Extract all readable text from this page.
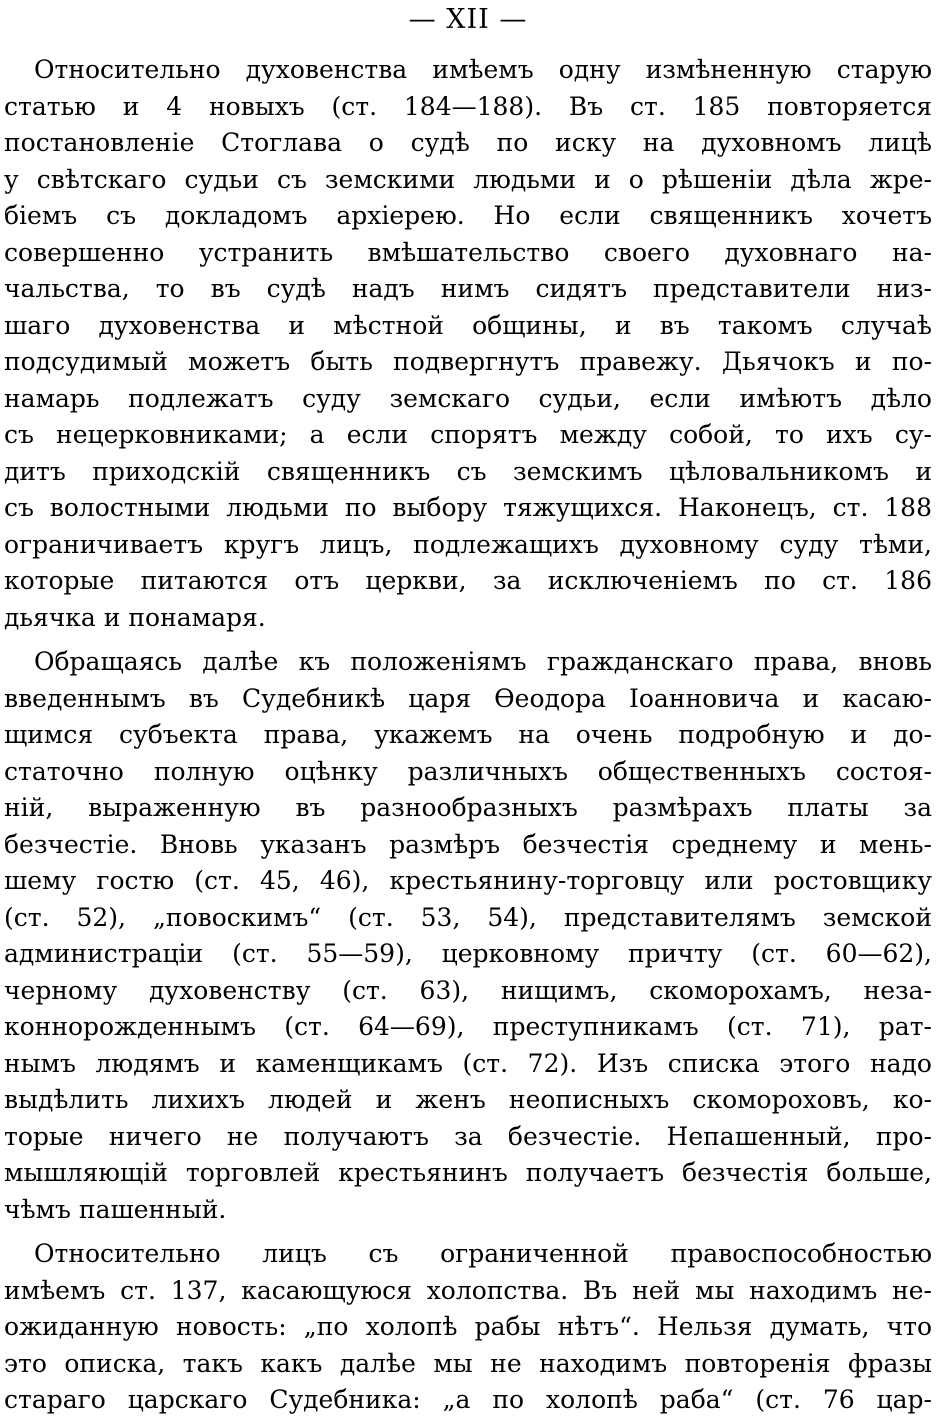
— XII —
Относительно духовенства имѣемъ одну измѣненную старую
статью и 4 новыхъ (ст. 184—188). Въ ст. 185 повторяется
постановленіе Стоглава о судѣ по иску на духовномъ лицѣ
у свѣтскаго судьи съ земскими людьми и о рѣшеніи дѣла жре-
біемъ съ докладомъ архіерею. Но если священникъ хочетъ
совершенно устранить вмѣшательство своего духовнаго на-
чальства, то въ судѣ надъ нимъ сидятъ представители низ-
шаго духовенства и мѣстной общины, и въ такомъ случаѣ
подсудимый можетъ быть подвергнутъ правежу. Дьячокъ и по-
намарь подлежатъ суду земскаго судьи, если имѣютъ дѣло
съ нецерковниками; а если спорятъ между собой, то ихъ су-
дитъ приходскій священникъ съ земскимъ цѣловальникомъ и
съ волостными людьми по выбору тяжущихся. Наконецъ, ст. 188
ограничиваетъ кругъ лицъ, подлежащихъ духовному суду тѣми,
которые питаются отъ церкви, за исключеніемъ по ст. 186
дьячка и понамаря.
Обращаясь далѣе къ положеніямъ гражданскаго права, вновь
введеннымъ въ Судебникѣ царя Ѳеодора Іоанновича и касаю-
щимся субъекта права, укажемъ на очень подробную и до-
статочно полную оцѣнку различныхъ общественныхъ состоя-
ній, выраженную въ разнообразныхъ размѣрахъ платы за
безчестіе. Вновь указанъ размѣръ безчестія среднему и мень-
шему гостю (ст. 45, 46), крестьянину-торговцу или ростовщику
(ст. 52), „повоскимъ“ (ст. 53, 54), представителямъ земской
администраціи (ст. 55—59), церковному причту (ст. 60—62),
черному духовенству (ст. 63), нищимъ, скоморохамъ, неза-
коннорожденнымъ (ст. 64—69), преступникамъ (ст. 71), рат-
нымъ людямъ и каменщикамъ (ст. 72). Изъ списка этого надо
выдѣлить лихихъ людей и женъ неописныхъ скомороховъ, ко-
торые ничего не получаютъ за безчестіе. Непашенный, про-
мышляющій торговлей крестьянинъ получаетъ безчестія больше,
чѣмъ пашенный.
Относительно лицъ съ ограниченной правоспособностью
имѣемъ ст. 137, касающуюся холопства. Въ ней мы находимъ не-
ожиданную новость: „по холопѣ рабы нѣтъ“. Нельзя думать, что
это описка, такъ какъ далѣе мы не находимъ повторенія фразы
стараго царскаго Судебника: „а по холопѣ раба“ (ст. 76 цар-
